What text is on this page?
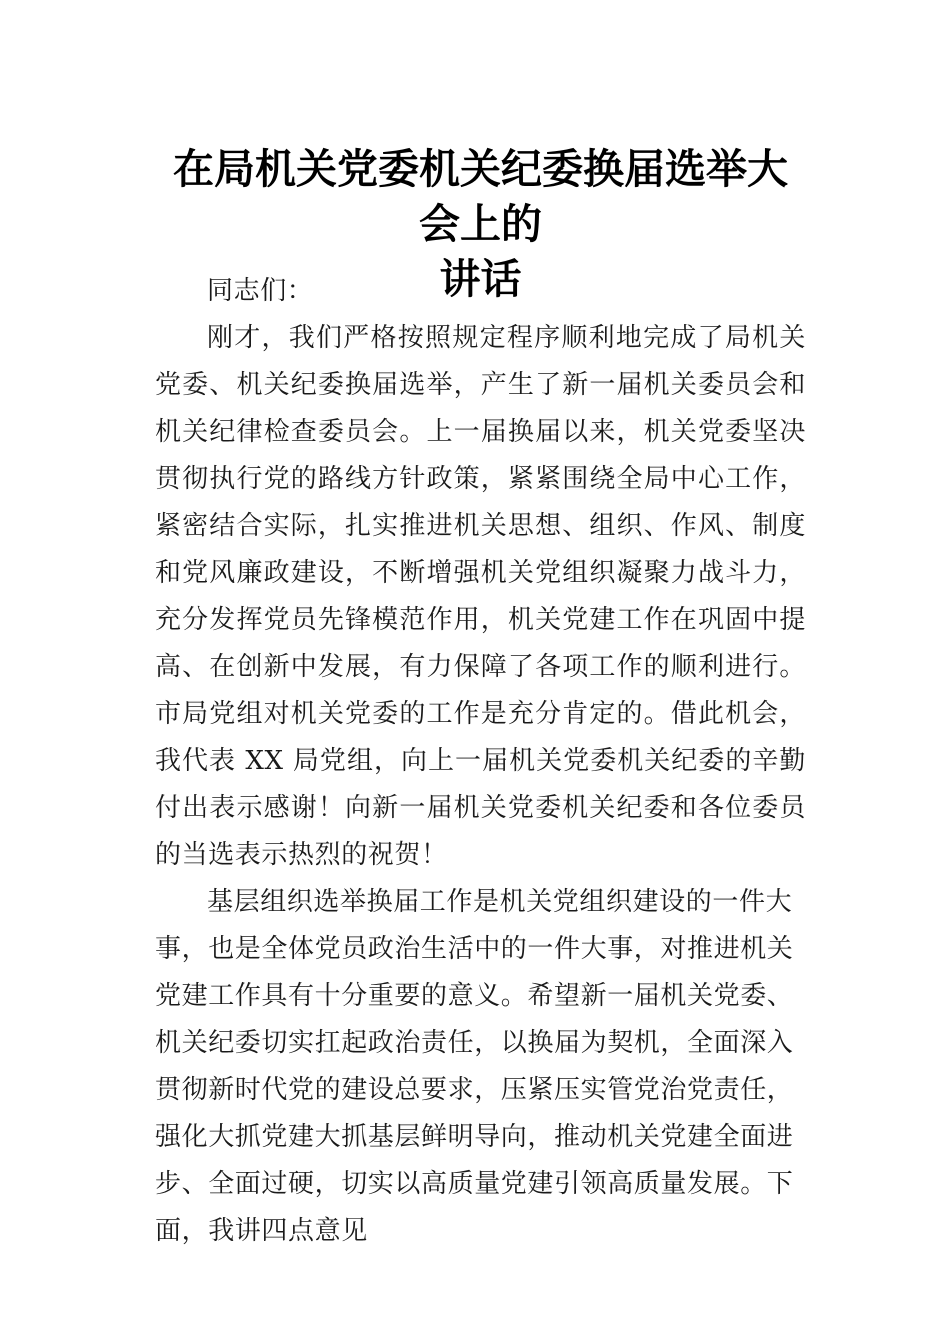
在局机关党委机关纪委换届选举大会上的
讲话

同志们：

刚才，我们严格按照规定程序顺利地完成了局机关党委、机关纪委换届选举，产生了新一届机关委员会和机关纪律检查委员会。上一届换届以来，机关党委坚决贯彻执行党的路线方针政策，紧紧围绕全局中心工作，紧密结合实际，扎实推进机关思想、组织、作风、制度和党风廉政建设，不断增强机关党组织凝聚力战斗力，充分发挥党员先锋模范作用，机关党建工作在巩固中提高、在创新中发展，有力保障了各项工作的顺利进行。市局党组对机关党委的工作是充分肯定的。借此机会，我代表 XX 局党组，向上一届机关党委机关纪委的辛勤付出表示感谢！向新一届机关党委机关纪委和各位委员的当选表示热烈的祝贺！

基层组织选举换届工作是机关党组织建设的一件大事，也是全体党员政治生活中的一件大事，对推进机关党建工作具有十分重要的意义。希望新一届机关党委、机关纪委切实扛起政治责任，以换届为契机，全面深入贯彻新时代党的建设总要求，压紧压实管党治党责任，强化大抓党建大抓基层鲜明导向，推动机关党建全面进步、全面过硬，切实以高质量党建引领高质量发展。下面，我讲四点意见
